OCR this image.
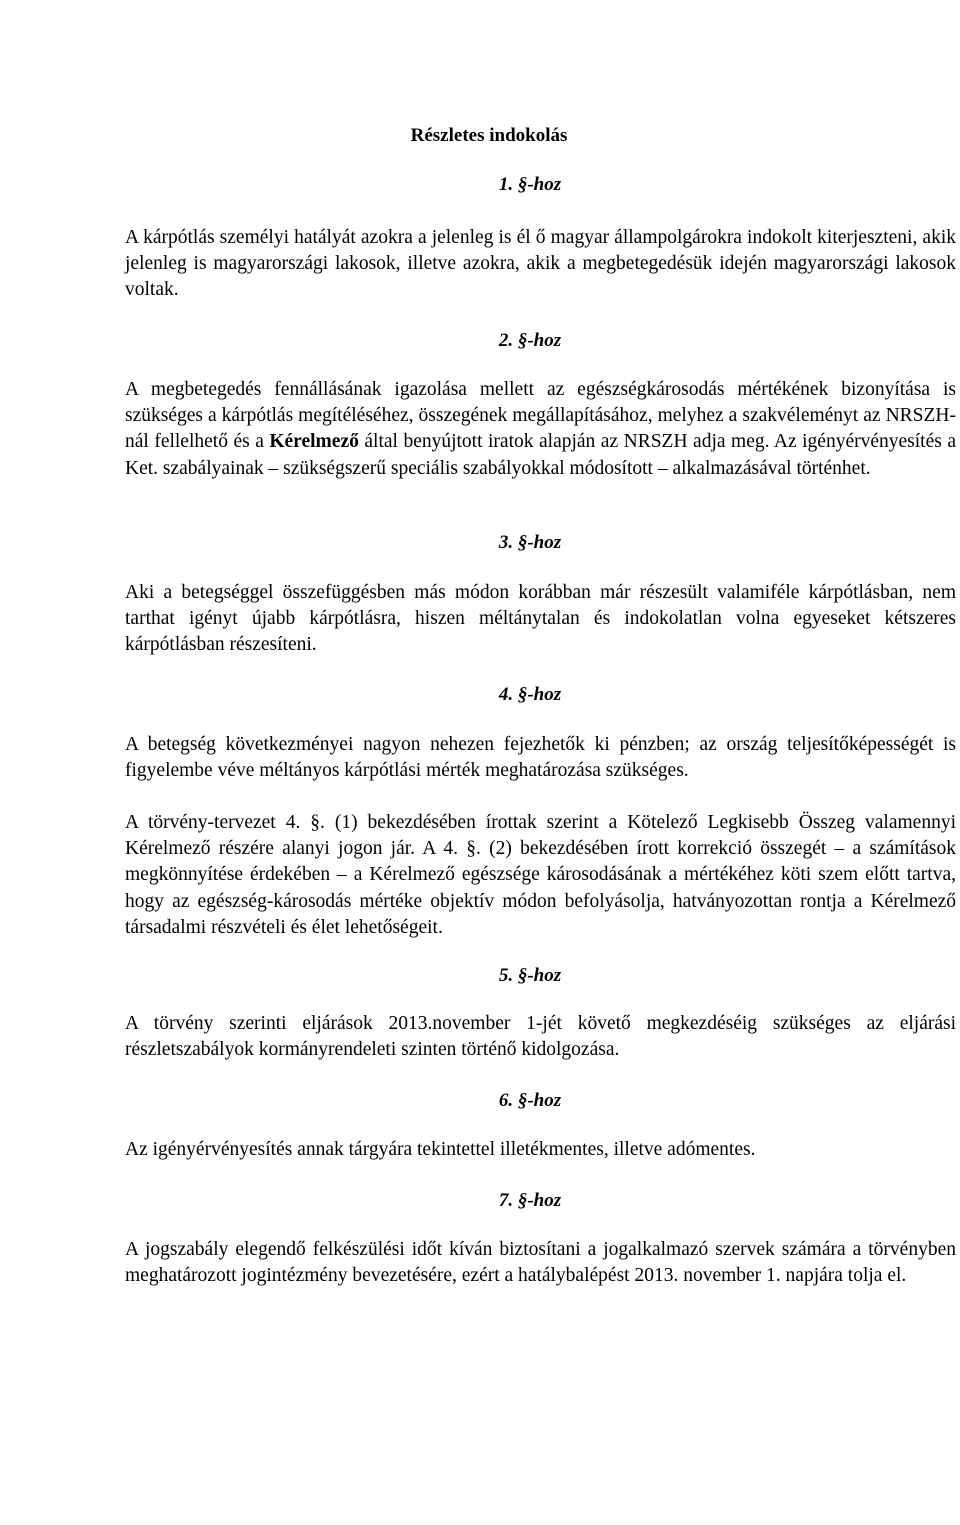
Részletes indokolás
1. §-hoz

A kárpótlás személyi hatályát azokra a jelenleg is él ő magyar állampolgárokra indokolt kiterjeszteni, akik jelenleg is magyarországi lakosok, illetve azokra, akik a megbetegedésük idején magyarországi lakosok voltak.

2. §-hoz

A megbetegedés fennállásának igazolása mellett az egészségkárosodás mértékének bizonyítása is szükséges a kárpótlás megítéléséhez, összegének megállapításához, melyhez a szakvéleményt az NRSZH-nál fellelhető és a Kérelmező által benyújtott iratok alapján az NRSZH adja meg. Az igényérvényesítés a Ket. szabályainak – szükségszerű speciális szabályokkal módosított – alkalmazásával történhet.

3. §-hoz

Aki a betegséggel összefüggésben más módon korábban már részesült valamiféle kárpótlásban, nem tarthat igényt újabb kárpótlásra, hiszen méltánytalan és indokolatlan volna egyeseket kétszeres kárpótlásban részesíteni.

4. §-hoz

A betegség következményei nagyon nehezen fejezhetők ki pénzben; az ország teljesítőképességét is figyelembe véve méltányos kárpótlási mérték meghatározása szükséges.

A törvény-tervezet 4. §. (1) bekezdésében írottak szerint a Kötelező Legkisebb Összeg valamennyi Kérelmező részére alanyi jogon jár. A 4. §. (2) bekezdésében írott korrekció összegét – a számítások megkönnyítése érdekében – a Kérelmező egészsége károsodásának a mértékéhez köti szem előtt tartva, hogy az egészség-károsodás mértéke objektív módon befolyásolja, hatványozottan rontja a Kérelmező társadalmi részvételi és élet lehetőségeit.

5. §-hoz

A törvény szerinti eljárások 2013.november 1-jét követő megkezdéséig szükséges az eljárási részletszabályok kormányrendeleti szinten történő kidolgozása.

6. §-hoz

Az igényérvényesítés annak tárgyára tekintettel illetékmentes, illetve adómentes.

7. §-hoz

A jogszabály elegendő felkészülési időt kíván biztosítani a jogalkalmazó szervek számára a törvényben meghatározott jogintézmény bevezetésére, ezért a hatálybalépést 2013. november 1. napjára tolja el.
